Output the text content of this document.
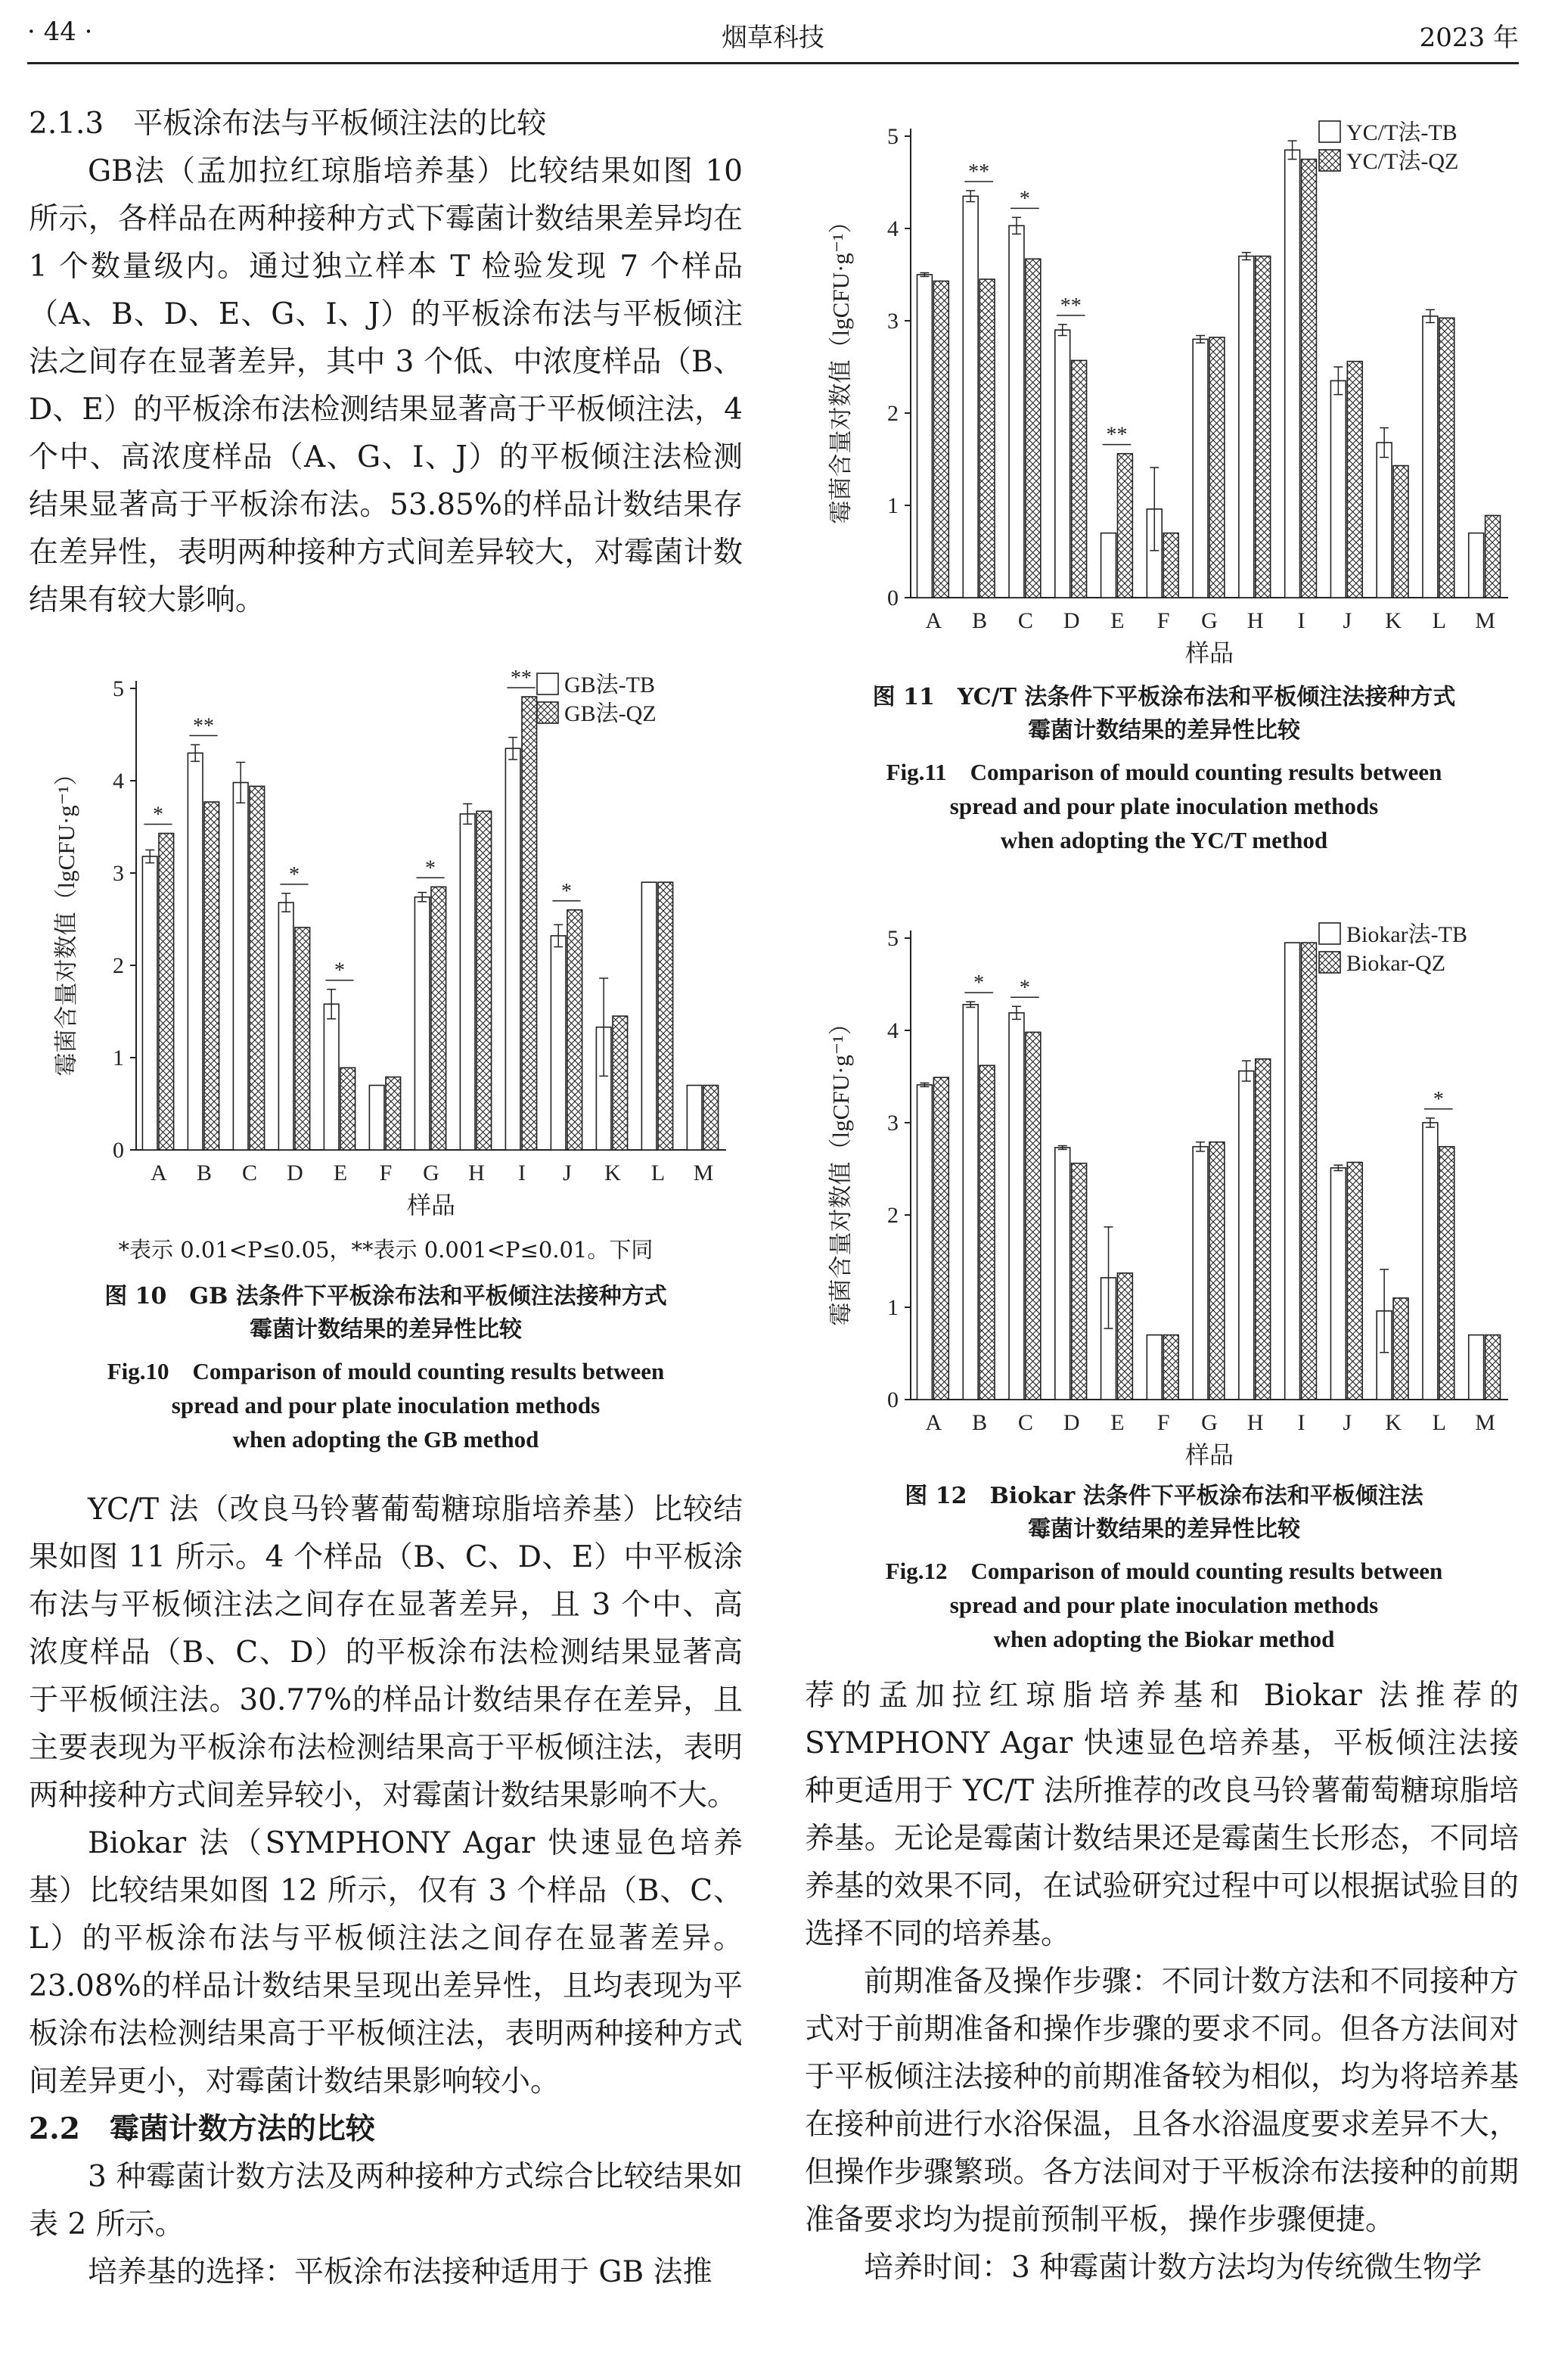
· 44 ·	烟草科技	2023 年
2.1.3　平板涂布法与平板倾注法的比较

GB法（孟加拉红琼脂培养基）比较结果如图 10 所示，各样品在两种接种方式下霉菌计数结果差异均在 1 个数量级内。通过独立样本 T 检验发现 7 个样品（A、B、D、E、G、I、J）的平板涂布法与平板倾注法之间存在显著差异，其中 3 个低、中浓度样品（B、D、E）的平板涂布法检测结果显著高于平板倾注法，4 个中、高浓度样品（A、G、I、J）的平板倾注法检测结果显著高于平板涂布法。53.85%的样品计数结果存在差异性，表明两种接种方式间差异较大，对霉菌计数结果有较大影响。

0
1
2
3
4
5
霉菌含量对数值（lgCFU·g⁻¹）
样品
A
*
B
**
C D
*
E
*
F G
*
H I
**
J
*
K L M
GB法-TB
GB法-QZ
*表示 0.01<P≤0.05，**表示 0.001<P≤0.01。下同
图 10　GB 法条件下平板涂布法和平板倾注法接种方式
霉菌计数结果的差异性比较
Fig.10　Comparison of mould counting results between
spread and pour plate inoculation methods
when adopting the GB method

YC/T 法（改良马铃薯葡萄糖琼脂培养基）比较结果如图 11 所示。4 个样品（B、C、D、E）中平板涂布法与平板倾注法之间存在显著差异，且 3 个中、高浓度样品（B、C、D）的平板涂布法检测结果显著高于平板倾注法。30.77%的样品计数结果存在差异，且主要表现为平板涂布法检测结果高于平板倾注法，表明两种接种方式间差异较小，对霉菌计数结果影响不大。

Biokar 法（SYMPHONY Agar 快速显色培养基）比较结果如图 12 所示，仅有 3 个样品（B、C、L）的平板涂布法与平板倾注法之间存在显著差异。23.08%的样品计数结果呈现出差异性，且均表现为平板涂布法检测结果高于平板倾注法，表明两种接种方式间差异更小，对霉菌计数结果影响较小。

2.2　霉菌计数方法的比较

3 种霉菌计数方法及两种接种方式综合比较结果如表 2 所示。

培养基的选择：平板涂布法接种适用于 GB 法推

0
1
2
3
4
5
霉菌含量对数值（lgCFU·g⁻¹）
样品
A B
**
C
*
D
**
E
**
F G H I J K L M
YC/T法-TB
YC/T法-QZ
图 11　YC/T 法条件下平板涂布法和平板倾注法接种方式
霉菌计数结果的差异性比较
Fig.11　Comparison of mould counting results between
spread and pour plate inoculation methods
when adopting the YC/T method
0
1
2
3
4
5
霉菌含量对数值（lgCFU·g⁻¹）
样品
A B
*
C
*
D E F G H I J K L
*
M
Biokar法-TB
Biokar-QZ
图 12　Biokar 法条件下平板涂布法和平板倾注法
霉菌计数结果的差异性比较
Fig.12　Comparison of mould counting results between
spread and pour plate inoculation methods
when adopting the Biokar method

荐的孟加拉红琼脂培养基和 Biokar 法推荐的 SYMPHONY Agar 快速显色培养基，平板倾注法接种更适用于 YC/T 法所推荐的改良马铃薯葡萄糖琼脂培养基。无论是霉菌计数结果还是霉菌生长形态，不同培养基的效果不同，在试验研究过程中可以根据试验目的选择不同的培养基。

前期准备及操作步骤：不同计数方法和不同接种方式对于前期准备和操作步骤的要求不同。但各方法间对于平板倾注法接种的前期准备较为相似，均为将培养基在接种前进行水浴保温，且各水浴温度要求差异不大，但操作步骤繁琐。各方法间对于平板涂布法接种的前期准备要求均为提前预制平板，操作步骤便捷。

培养时间：3 种霉菌计数方法均为传统微生物学
